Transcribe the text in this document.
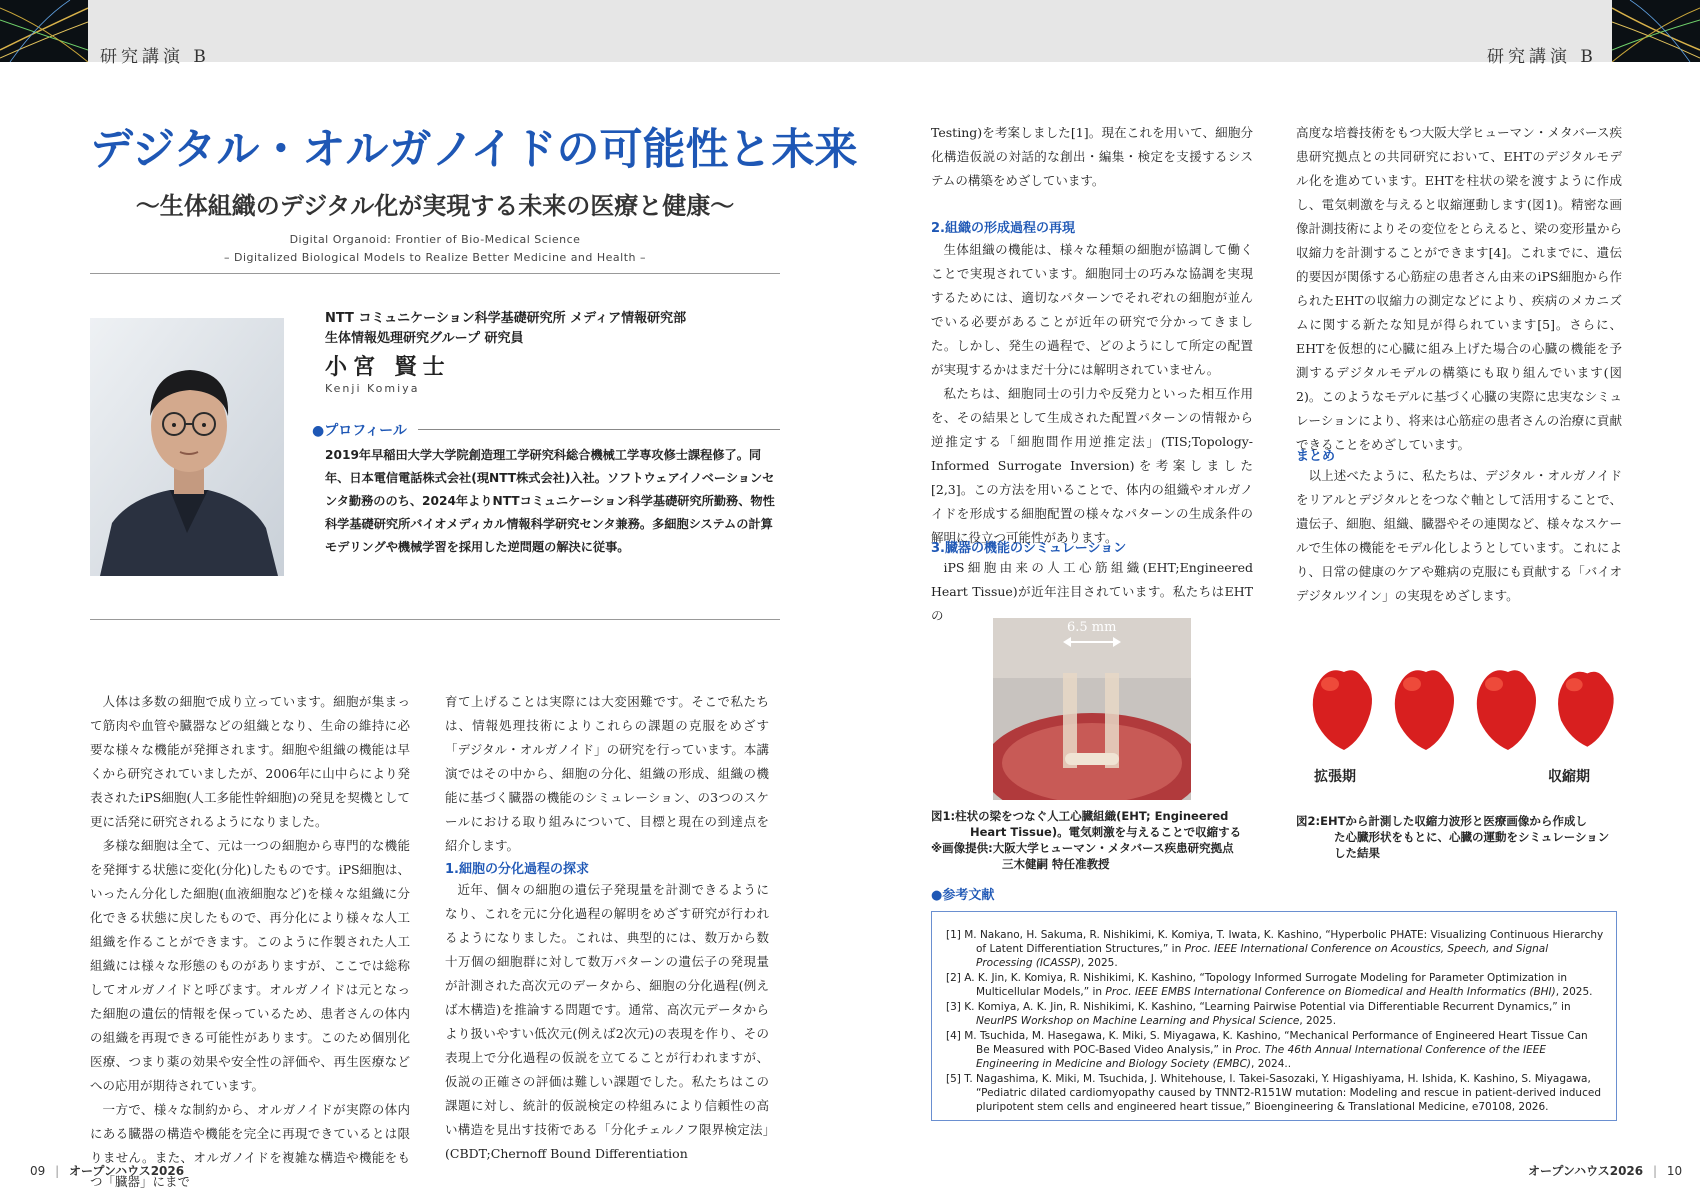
研究講演 B	研究講演 B
デジタル・オルガノイドの可能性と未来
〜生体組織のデジタル化が実現する未来の医療と健康〜
Digital Organoid: Frontier of Bio-Medical Science
– Digitalized Biological Models to Realize Better Medicine and Health –
NTT コミュニケーション科学基礎研究所 メディア情報研究部
生体情報処理研究グループ 研究員
小宮 賢士
Kenji Komiya
●プロフィール

2019年早稲田大学大学院創造理工学研究科総合機械工学専攻修士課程修了。同年、日本電信電話株式会社(現NTT株式会社)入社。ソフトウェアイノベーションセンタ勤務ののち、2024年よりNTTコミュニケーション科学基礎研究所勤務、物性科学基礎研究所バイオメディカル情報科学研究センタ兼務。多細胞システムの計算モデリングや機械学習を採用した逆問題の解決に従事。

人体は多数の細胞で成り立っています。細胞が集まって筋肉や血管や臓器などの組織となり、生命の維持に必要な様々な機能が発揮されます。細胞や組織の機能は早くから研究されていましたが、2006年に山中らにより発表されたiPS細胞(人工多能性幹細胞)の発見を契機として更に活発に研究されるようになりました。

多様な細胞は全て、元は一つの細胞から専門的な機能を発揮する状態に変化(分化)したものです。iPS細胞は、いったん分化した細胞(血液細胞など)を様々な組織に分化できる状態に戻したもので、再分化により様々な人工組織を作ることができます。このように作製された人工組織には様々な形態のものがありますが、ここでは総称してオルガノイドと呼びます。オルガノイドは元となった細胞の遺伝的情報を保っているため、患者さんの体内の組織を再現できる可能性があります。このため個別化医療、つまり薬の効果や安全性の評価や、再生医療などへの応用が期待されています。

一方で、様々な制約から、オルガノイドが実際の体内にある臓器の構造や機能を完全に再現できているとは限りません。また、オルガノイドを複雑な構造や機能をもつ「臓器」にまで

育て上げることは実際には大変困難です。そこで私たちは、情報処理技術によりこれらの課題の克服をめざす「デジタル・オルガノイド」の研究を行っています。本講演ではその中から、細胞の分化、組織の形成、組織の機能に基づく臓器の機能のシミュレーション、の3つのスケールにおける取り組みについて、目標と現在の到達点を紹介します。

1.細胞の分化過程の探求

近年、個々の細胞の遺伝子発現量を計測できるようになり、これを元に分化過程の解明をめざす研究が行われるようになりました。これは、典型的には、数万から数十万個の細胞群に対して数万パターンの遺伝子の発現量が計測された高次元のデータから、細胞の分化過程(例えば木構造)を推論する問題です。通常、高次元データからより扱いやすい低次元(例えば2次元)の表現を作り、その表現上で分化過程の仮説を立てることが行われますが、仮説の正確さの評価は難しい課題でした。私たちはこの課題に対し、統計的仮説検定の枠組みにより信頼性の高い構造を見出す技術である「分化チェルノフ限界検定法」(CBDT;Chernoff Bound Differentiation

Testing)を考案しました[1]。現在これを用いて、細胞分化構造仮説の対話的な創出・編集・検定を支援するシステムの構築をめざしています。

2.組織の形成過程の再現

生体組織の機能は、様々な種類の細胞が協調して働くことで実現されています。細胞同士の巧みな協調を実現するためには、適切なパターンでそれぞれの細胞が並んでいる必要があることが近年の研究で分かってきました。しかし、発生の過程で、どのようにして所定の配置が実現するかはまだ十分には解明されていません。

私たちは、細胞同士の引力や反発力といった相互作用を、その結果として生成された配置パターンの情報から逆推定する「細胞間作用逆推定法」(TIS;Topology-Informed Surrogate Inversion)を考案しました[2,3]。この方法を用いることで、体内の組織やオルガノイドを形成する細胞配置の様々なパターンの生成条件の解明に役立つ可能性があります。

3.臓器の機能のシミュレーション

iPS細胞由来の人工心筋組織(EHT;Engineered Heart Tissue)が近年注目されています。私たちはEHTの

高度な培養技術をもつ大阪大学ヒューマン・メタバース疾患研究拠点との共同研究において、EHTのデジタルモデル化を進めています。EHTを柱状の梁を渡すように作成し、電気刺激を与えると収縮運動します(図1)。精密な画像計測技術によりその変位をとらえると、梁の変形量から収縮力を計測することができます[4]。これまでに、遺伝的要因が関係する心筋症の患者さん由来のiPS細胞から作られたEHTの収縮力の測定などにより、疾病のメカニズムに関する新たな知見が得られています[5]。さらに、EHTを仮想的に心臓に組み上げた場合の心臓の機能を予測するデジタルモデルの構築にも取り組んでいます(図2)。このようなモデルに基づく心臓の実際に忠実なシミュレーションにより、将来は心筋症の患者さんの治療に貢献できることをめざしています。

まとめ

以上述べたように、私たちは、デジタル・オルガノイドをリアルとデジタルとをつなぐ軸として活用することで、遺伝子、細胞、組織、臓器やその連関など、様々なスケールで生体の機能をモデル化しようとしています。これにより、日常の健康のケアや難病の克服にも貢献する「バイオデジタルツイン」の実現をめざします。

6.5 mm

図1:柱状の梁をつなぐ人工心臓組織(EHT; Engineered

Heart Tissue)。電気刺激を与えることで収縮する

※画像提供:大阪大学ヒューマン・メタバース疾患研究拠点

三木健嗣 特任准教授

拡張期	収縮期

図2:EHTから計測した収縮力波形と医療画像から作成し

た心臓形状をもとに、心臓の運動をシミュレーション

した結果

●参考文献

[1] M. Nakano, H. Sakuma, R. Nishikimi, K. Komiya, T. Iwata, K. Kashino, “Hyperbolic PHATE: Visualizing Continuous Hierarchy of Latent Differentiation Structures,” in Proc. IEEE International Conference on Acoustics, Speech, and Signal Processing (ICASSP), 2025.

[2] A. K. Jin, K. Komiya, R. Nishikimi, K. Kashino, “Topology Informed Surrogate Modeling for Parameter Optimization in Multicellular Models,” in Proc. IEEE EMBS International Conference on Biomedical and Health Informatics (BHI), 2025.

[3] K. Komiya, A. K. Jin, R. Nishikimi, K. Kashino, “Learning Pairwise Potential via Differentiable Recurrent Dynamics,” in NeurIPS Workshop on Machine Learning and Physical Science, 2025.

[4] M. Tsuchida, M. Hasegawa, K. Miki, S. Miyagawa, K. Kashino, “Mechanical Performance of Engineered Heart Tissue Can Be Measured with POC-Based Video Analysis,” in Proc. The 46th Annual International Conference of the IEEE Engineering in Medicine and Biology Society (EMBC), 2024..

[5] T. Nagashima, K. Miki, M. Tsuchida, J. Whitehouse, I. Takei-Sasozaki, Y. Higashiyama, H. Ishida, K. Kashino, S. Miyagawa, “Pediatric dilated cardiomyopathy caused by TNNT2-R151W mutation: Modeling and rescue in patient-derived induced pluripotent stem cells and engineered heart tissue,” Bioengineering & Translational Medicine, e70108, 2026.

09 | オープンハウス2026	オープンハウス2026 | 10
